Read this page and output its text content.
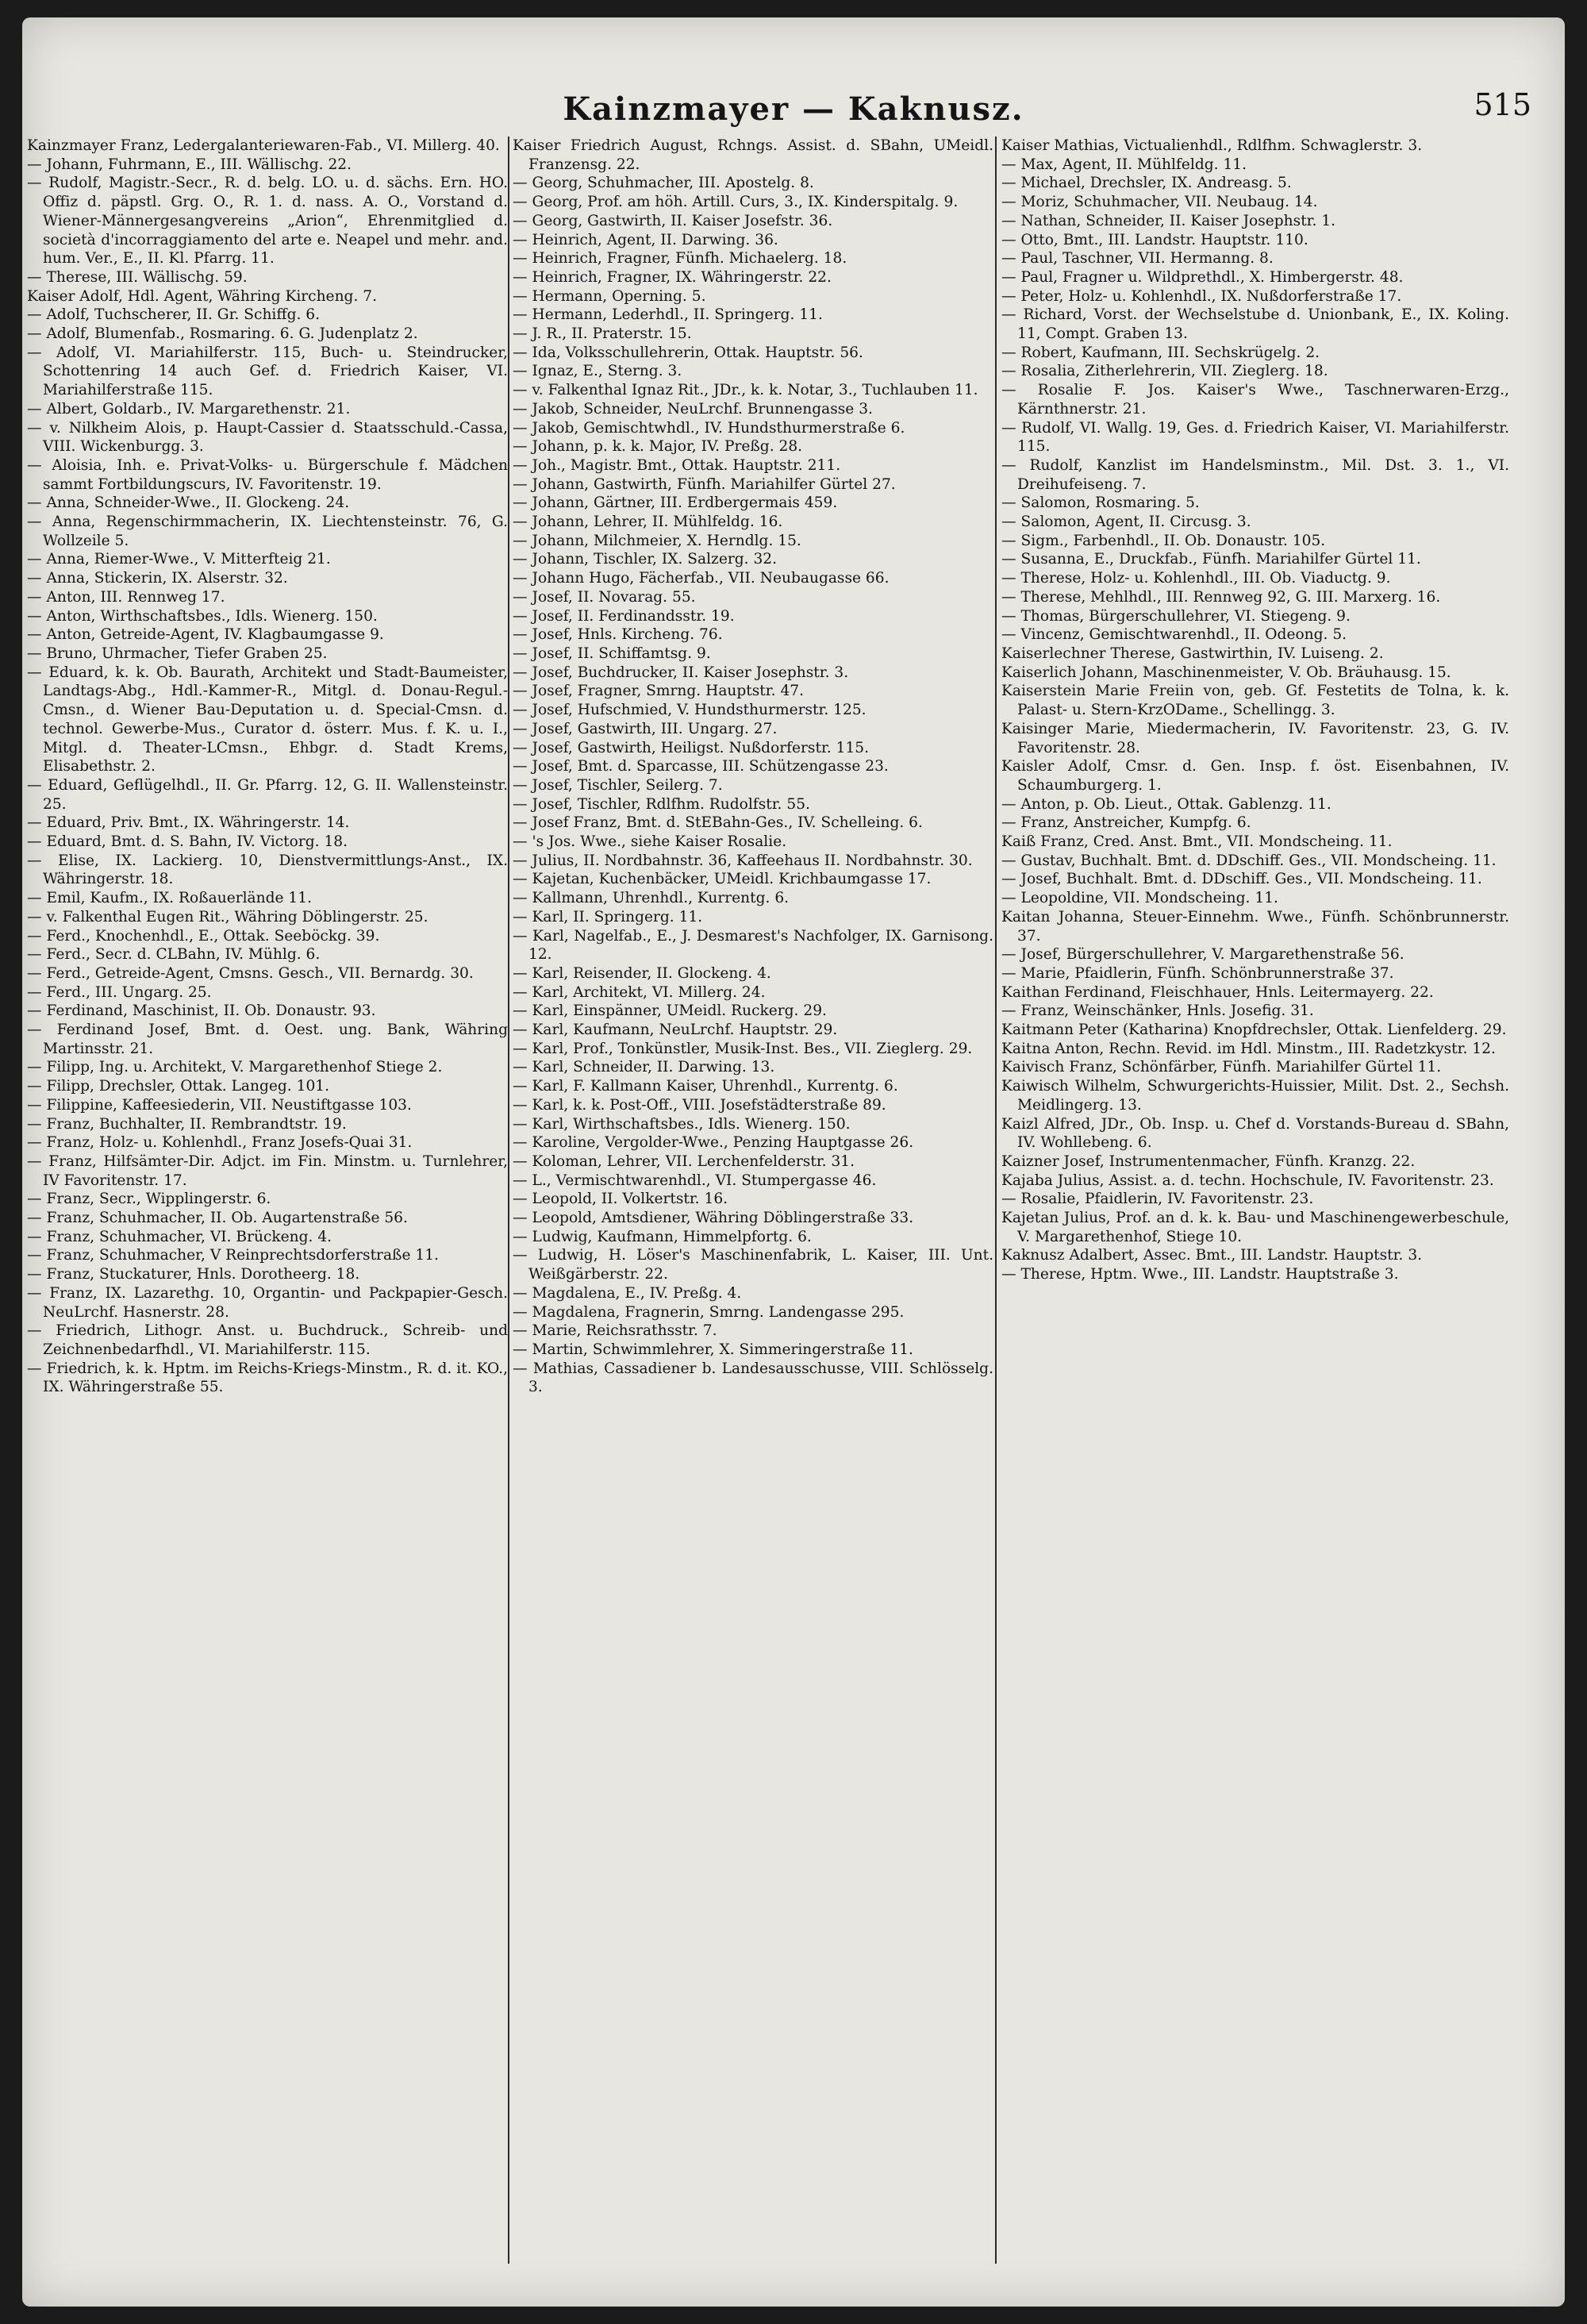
Kainzmayer — Kaknusz.	515
Kainzmayer Franz, Ledergalanteriewaren-Fab., VI. Millerg. 40.
— Johann, Fuhrmann, E., III. Wällischg. 22.
— Rudolf, Magistr.-Secr., R. d. belg. LO. u. d. sächs. Ern. HO. Offiz d. päpstl. Grg. O., R. 1. d. nass. A. O., Vorstand d. Wiener-Männergesangvereins „Arion“, Ehrenmitglied d. società d'incorraggiamento del arte e. Neapel und mehr. and. hum. Ver., E., II. Kl. Pfarrg. 11.
— Therese, III. Wällischg. 59.
Kaiser Adolf, Hdl. Agent, Währing Kircheng. 7.
— Adolf, Tuchscherer, II. Gr. Schiffg. 6.
— Adolf, Blumenfab., Rosmaring. 6. G. Judenplatz 2.
— Adolf, VI. Mariahilferstr. 115, Buch- u. Steindrucker, Schottenring 14 auch Gef. d. Friedrich Kaiser, VI. Mariahilferstraße 115.
— Albert, Goldarb., IV. Margarethenstr. 21.
— v. Nilkheim Alois, p. Haupt-Cassier d. Staatsschuld.-Cassa, VIII. Wickenburgg. 3.
— Aloisia, Inh. e. Privat-Volks- u. Bürgerschule f. Mädchen sammt Fortbildungscurs, IV. Favoritenstr. 19.
— Anna, Schneider-Wwe., II. Glockeng. 24.
— Anna, Regenschirmmacherin, IX. Liechtensteinstr. 76, G. Wollzeile 5.
— Anna, Riemer-Wwe., V. Mitterfteig 21.
— Anna, Stickerin, IX. Alserstr. 32.
— Anton, III. Rennweg 17.
— Anton, Wirthschaftsbes., Idls. Wienerg. 150.
— Anton, Getreide-Agent, IV. Klagbaumgasse 9.
— Bruno, Uhrmacher, Tiefer Graben 25.
— Eduard, k. k. Ob. Baurath, Architekt und Stadt-Baumeister, Landtags-Abg., Hdl.-Kammer-R., Mitgl. d. Donau-Regul.-Cmsn., d. Wiener Bau-Deputation u. d. Special-Cmsn. d. technol. Gewerbe-Mus., Curator d. österr. Mus. f. K. u. I., Mitgl. d. Theater-LCmsn., Ehbgr. d. Stadt Krems, Elisabethstr. 2.
— Eduard, Geflügelhdl., II. Gr. Pfarrg. 12, G. II. Wallensteinstr. 25.
— Eduard, Priv. Bmt., IX. Währingerstr. 14.
— Eduard, Bmt. d. S. Bahn, IV. Victorg. 18.
— Elise, IX. Lackierg. 10, Dienstvermittlungs-Anst., IX. Währingerstr. 18.
— Emil, Kaufm., IX. Roßauerlände 11.
— v. Falkenthal Eugen Rit., Währing Döblingerstr. 25.
— Ferd., Knochenhdl., E., Ottak. Seeböckg. 39.
— Ferd., Secr. d. CLBahn, IV. Mühlg. 6.
— Ferd., Getreide-Agent, Cmsns. Gesch., VII. Bernardg. 30.
— Ferd., III. Ungarg. 25.
— Ferdinand, Maschinist, II. Ob. Donaustr. 93.
— Ferdinand Josef, Bmt. d. Oest. ung. Bank, Währing Martinsstr. 21.
— Filipp, Ing. u. Architekt, V. Margarethenhof Stiege 2.
— Filipp, Drechsler, Ottak. Langeg. 101.
— Filippine, Kaffeesiederin, VII. Neustiftgasse 103.
— Franz, Buchhalter, II. Rembrandtstr. 19.
— Franz, Holz- u. Kohlenhdl., Franz Josefs-Quai 31.
— Franz, Hilfsämter-Dir. Adjct. im Fin. Minstm. u. Turnlehrer, IV Favoritenstr. 17.
— Franz, Secr., Wipplingerstr. 6.
— Franz, Schuhmacher, II. Ob. Augartenstraße 56.
— Franz, Schuhmacher, VI. Brückeng. 4.
— Franz, Schuhmacher, V Reinprechtsdorferstraße 11.
— Franz, Stuckaturer, Hnls. Dorotheerg. 18.
— Franz, IX. Lazarethg. 10, Organtin- und Packpapier-Gesch. NeuLrchf. Hasnerstr. 28.
— Friedrich, Lithogr. Anst. u. Buchdruck., Schreib- und Zeichnenbedarfhdl., VI. Mariahilferstr. 115.
— Friedrich, k. k. Hptm. im Reichs-Kriegs-Minstm., R. d. it. KO., IX. Währingerstraße 55.
Kaiser Friedrich August, Rchngs. Assist. d. SBahn, UMeidl. Franzensg. 22.
— Georg, Schuhmacher, III. Apostelg. 8.
— Georg, Prof. am höh. Artill. Curs, 3., IX. Kinderspitalg. 9.
— Georg, Gastwirth, II. Kaiser Josefstr. 36.
— Heinrich, Agent, II. Darwing. 36.
— Heinrich, Fragner, Fünfh. Michaelerg. 18.
— Heinrich, Fragner, IX. Währingerstr. 22.
— Hermann, Operning. 5.
— Hermann, Lederhdl., II. Springerg. 11.
— J. R., II. Praterstr. 15.
— Ida, Volksschullehrerin, Ottak. Hauptstr. 56.
— Ignaz, E., Sterng. 3.
— v. Falkenthal Ignaz Rit., JDr., k. k. Notar, 3., Tuchlauben 11.
— Jakob, Schneider, NeuLrchf. Brunnengasse 3.
— Jakob, Gemischtwhdl., IV. Hundsthurmerstraße 6.
— Johann, p. k. k. Major, IV. Preßg. 28.
— Joh., Magistr. Bmt., Ottak. Hauptstr. 211.
— Johann, Gastwirth, Fünfh. Mariahilfer Gürtel 27.
— Johann, Gärtner, III. Erdbergermais 459.
— Johann, Lehrer, II. Mühlfeldg. 16.
— Johann, Milchmeier, X. Herndlg. 15.
— Johann, Tischler, IX. Salzerg. 32.
— Johann Hugo, Fächerfab., VII. Neubaugasse 66.
— Josef, II. Novarag. 55.
— Josef, II. Ferdinandsstr. 19.
— Josef, Hnls. Kircheng. 76.
— Josef, II. Schiffamtsg. 9.
— Josef, Buchdrucker, II. Kaiser Josephstr. 3.
— Josef, Fragner, Smrng. Hauptstr. 47.
— Josef, Hufschmied, V. Hundsthurmerstr. 125.
— Josef, Gastwirth, III. Ungarg. 27.
— Josef, Gastwirth, Heiligst. Nußdorferstr. 115.
— Josef, Bmt. d. Sparcasse, III. Schützengasse 23.
— Josef, Tischler, Seilerg. 7.
— Josef, Tischler, Rdlfhm. Rudolfstr. 55.
— Josef Franz, Bmt. d. StEBahn-Ges., IV. Schelleing. 6.
— 's Jos. Wwe., siehe Kaiser Rosalie.
— Julius, II. Nordbahnstr. 36, Kaffeehaus II. Nordbahnstr. 30.
— Kajetan, Kuchenbäcker, UMeidl. Krichbaumgasse 17.
— Kallmann, Uhrenhdl., Kurrentg. 6.
— Karl, II. Springerg. 11.
— Karl, Nagelfab., E., J. Desmarest's Nachfolger, IX. Garnisong. 12.
— Karl, Reisender, II. Glockeng. 4.
— Karl, Architekt, VI. Millerg. 24.
— Karl, Einspänner, UMeidl. Ruckerg. 29.
— Karl, Kaufmann, NeuLrchf. Hauptstr. 29.
— Karl, Prof., Tonkünstler, Musik-Inst. Bes., VII. Zieglerg. 29.
— Karl, Schneider, II. Darwing. 13.
— Karl, F. Kallmann Kaiser, Uhrenhdl., Kurrentg. 6.
— Karl, k. k. Post-Off., VIII. Josefstädterstraße 89.
— Karl, Wirthschaftsbes., Idls. Wienerg. 150.
— Karoline, Vergolder-Wwe., Penzing Hauptgasse 26.
— Koloman, Lehrer, VII. Lerchenfelderstr. 31.
— L., Vermischtwarenhdl., VI. Stumpergasse 46.
— Leopold, II. Volkertstr. 16.
— Leopold, Amtsdiener, Währing Döblingerstraße 33.
— Ludwig, Kaufmann, Himmelpfortg. 6.
— Ludwig, H. Löser's Maschinenfabrik, L. Kaiser, III. Unt. Weißgärberstr. 22.
— Magdalena, E., IV. Preßg. 4.
— Magdalena, Fragnerin, Smrng. Landengasse 295.
— Marie, Reichsrathsstr. 7.
— Martin, Schwimmlehrer, X. Simmeringerstraße 11.
— Mathias, Cassadiener b. Landesausschusse, VIII. Schlösselg. 3.
Kaiser Mathias, Victualienhdl., Rdlfhm. Schwaglerstr. 3.
— Max, Agent, II. Mühlfeldg. 11.
— Michael, Drechsler, IX. Andreasg. 5.
— Moriz, Schuhmacher, VII. Neubaug. 14.
— Nathan, Schneider, II. Kaiser Josephstr. 1.
— Otto, Bmt., III. Landstr. Hauptstr. 110.
— Paul, Taschner, VII. Hermanng. 8.
— Paul, Fragner u. Wildprethdl., X. Himbergerstr. 48.
— Peter, Holz- u. Kohlenhdl., IX. Nußdorferstraße 17.
— Richard, Vorst. der Wechselstube d. Unionbank, E., IX. Koling. 11, Compt. Graben 13.
— Robert, Kaufmann, III. Sechskrügelg. 2.
— Rosalia, Zitherlehrerin, VII. Zieglerg. 18.
— Rosalie F. Jos. Kaiser's Wwe., Taschnerwaren-Erzg., Kärnthnerstr. 21.
— Rudolf, VI. Wallg. 19, Ges. d. Friedrich Kaiser, VI. Mariahilferstr. 115.
— Rudolf, Kanzlist im Handelsminstm., Mil. Dst. 3. 1., VI. Dreihufeiseng. 7.
— Salomon, Rosmaring. 5.
— Salomon, Agent, II. Circusg. 3.
— Sigm., Farbenhdl., II. Ob. Donaustr. 105.
— Susanna, E., Druckfab., Fünfh. Mariahilfer Gürtel 11.
— Therese, Holz- u. Kohlenhdl., III. Ob. Viaductg. 9.
— Therese, Mehlhdl., III. Rennweg 92, G. III. Marxerg. 16.
— Thomas, Bürgerschullehrer, VI. Stiegeng. 9.
— Vincenz, Gemischtwarenhdl., II. Odeong. 5.
Kaiserlechner Therese, Gastwirthin, IV. Luiseng. 2.
Kaiserlich Johann, Maschinenmeister, V. Ob. Bräuhausg. 15.
Kaiserstein Marie Freiin von, geb. Gf. Festetits de Tolna, k. k. Palast- u. Stern-KrzODame., Schellingg. 3.
Kaisinger Marie, Miedermacherin, IV. Favoritenstr. 23, G. IV. Favoritenstr. 28.
Kaisler Adolf, Cmsr. d. Gen. Insp. f. öst. Eisenbahnen, IV. Schaumburgerg. 1.
— Anton, p. Ob. Lieut., Ottak. Gablenzg. 11.
— Franz, Anstreicher, Kumpfg. 6.
Kaiß Franz, Cred. Anst. Bmt., VII. Mondscheing. 11.
— Gustav, Buchhalt. Bmt. d. DDschiff. Ges., VII. Mondscheing. 11.
— Josef, Buchhalt. Bmt. d. DDschiff. Ges., VII. Mondscheing. 11.
— Leopoldine, VII. Mondscheing. 11.
Kaitan Johanna, Steuer-Einnehm. Wwe., Fünfh. Schönbrunnerstr. 37.
— Josef, Bürgerschullehrer, V. Margarethenstraße 56.
— Marie, Pfaidlerin, Fünfh. Schönbrunnerstraße 37.
Kaithan Ferdinand, Fleischhauer, Hnls. Leitermayerg. 22.
— Franz, Weinschänker, Hnls. Josefig. 31.
Kaitmann Peter (Katharina) Knopfdrechsler, Ottak. Lienfelderg. 29.
Kaitna Anton, Rechn. Revid. im Hdl. Minstm., III. Radetzkystr. 12.
Kaivisch Franz, Schönfärber, Fünfh. Mariahilfer Gürtel 11.
Kaiwisch Wilhelm, Schwurgerichts-Huissier, Milit. Dst. 2., Sechsh. Meidlingerg. 13.
Kaizl Alfred, JDr., Ob. Insp. u. Chef d. Vorstands-Bureau d. SBahn, IV. Wohllebeng. 6.
Kaizner Josef, Instrumentenmacher, Fünfh. Kranzg. 22.
Kajaba Julius, Assist. a. d. techn. Hochschule, IV. Favoritenstr. 23.
— Rosalie, Pfaidlerin, IV. Favoritenstr. 23.
Kajetan Julius, Prof. an d. k. k. Bau- und Maschinengewerbeschule, V. Margarethenhof, Stiege 10.
Kaknusz Adalbert, Assec. Bmt., III. Landstr. Hauptstr. 3.
— Therese, Hptm. Wwe., III. Landstr. Hauptstraße 3.
